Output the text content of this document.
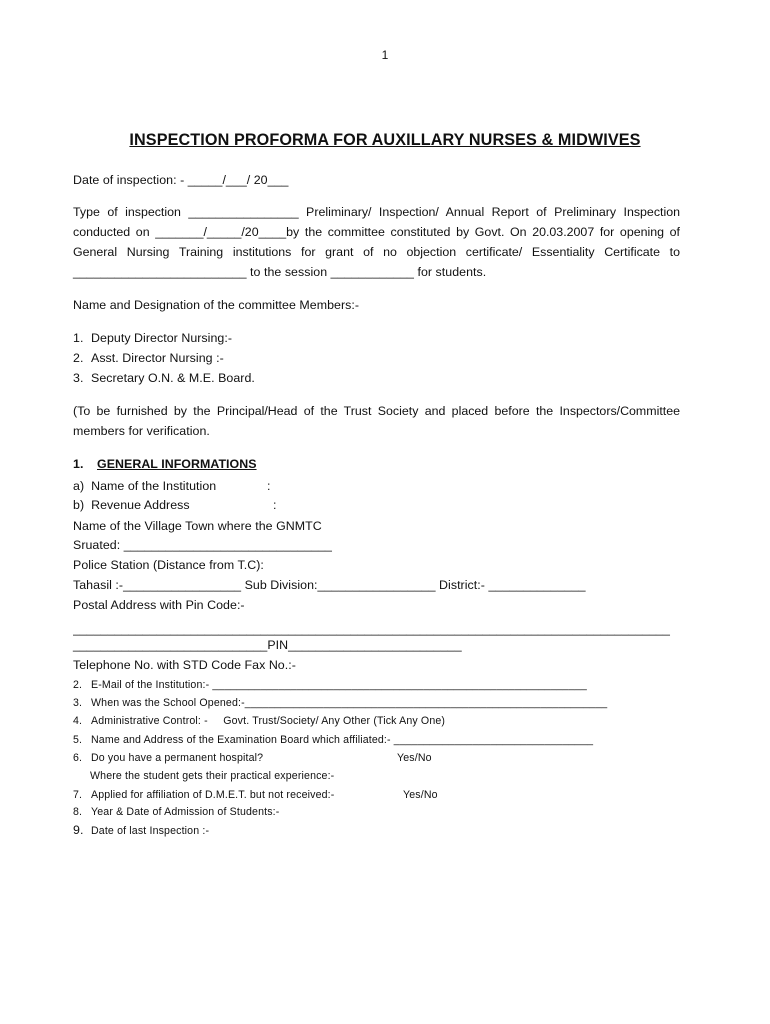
1
INSPECTION PROFORMA FOR AUXILLARY NURSES & MIDWIVES
Date of inspection: - _____/___/ 20___
Type of inspection ________________ Preliminary/ Inspection/ Annual Report of Preliminary Inspection
conducted on _______/_____/20____by the committee constituted by Govt. On 20.03.2007 for opening of
General Nursing Training institutions for grant of no objection certificate/ Essentiality Certificate to
_________________________ to the session ____________ for students.
Name and Designation of the committee Members:-
1. Deputy Director Nursing:-
2. Asst. Director Nursing :-
3. Secretary O.N. & M.E. Board.
(To be furnished by the Principal/Head of the Trust Society and placed before the Inspectors/Committee
members for verification.
1. GENERAL INFORMATIONS
a)  Name of the Institution	:
b)  Revenue Address	:
Name of the Village Town where the GNMTC
Sruated: ______________________________
Police Station (Distance from T.C):
Tahasil :-_________________ Sub Division:_________________ District:- ______________
Postal Address with Pin Code:-
______________________________________________________________________________________
____________________________PIN_________________________
Telephone No. with STD Code Fax No.:-
2. E-Mail of the Institution:- ______________________________________________________________
3. When was the School Opened:-____________________________________________________________
4. Administrative Control: -     Govt. Trust/Society/ Any Other (Tick Any One)
5. Name and Address of the Examination Board which affiliated:- _________________________________
6. Do you have a permanent hospital?	Yes/No
Where the student gets their practical experience:-
7. Applied for affiliation of D.M.E.T. but not received:-	Yes/No
8. Year & Date of Admission of Students:-
9. Date of last Inspection :-
